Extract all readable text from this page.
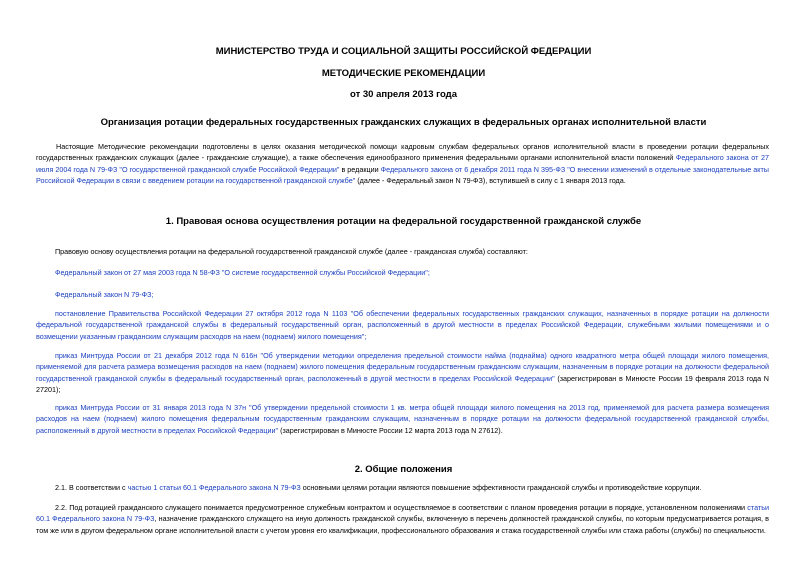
МИНИСТЕРСТВО ТРУДА И СОЦИАЛЬНОЙ ЗАЩИТЫ РОССИЙСКОЙ ФЕДЕРАЦИИ
МЕТОДИЧЕСКИЕ РЕКОМЕНДАЦИИ
от 30 апреля 2013 года
Организация ротации федеральных государственных гражданских служащих в федеральных органах исполнительной власти
Настоящие Методические рекомендации подготовлены в целях оказания методической помощи кадровым службам федеральных органов исполнительной власти в проведении ротации федеральных государственных гражданских служащих (далее - гражданские служащие), а также обеспечения единообразного применения федеральными органами исполнительной власти положений Федерального закона от 27 июля 2004 года N 79-ФЗ "О государственной гражданской службе Российской Федерации" в редакции Федерального закона от 6 декабря 2011 года N 395-ФЗ "О внесении изменений в отдельные законодательные акты Российской Федерации в связи с введением ротации на государственной гражданской службе" (далее - Федеральный закон N 79-ФЗ), вступившей в силу с 1 января 2013 года.
1. Правовая основа осуществления ротации на федеральной государственной гражданской службе
Правовую основу осуществления ротации на федеральной государственной гражданской службе (далее - гражданская служба) составляют:
Федеральный закон от 27 мая 2003 года N 58-ФЗ "О системе государственной службы Российской Федерации";
Федеральный закон N 79-ФЗ;
постановление Правительства Российской Федерации 27 октября 2012 года N 1103 "Об обеспечении федеральных государственных гражданских служащих, назначенных в порядке ротации на должности федеральной государственной гражданской службы в федеральный государственный орган, расположенный в другой местности в пределах Российской Федерации, служебными жилыми помещениями и о возмещении указанным гражданским служащим расходов на наем (поднаем) жилого помещения";
приказ Минтруда России от 21 декабря 2012 года N 616н "Об утверждении методики определения предельной стоимости найма (поднайма) одного квадратного метра общей площади жилого помещения, применяемой для расчета размера возмещения расходов на наем (поднаем) жилого помещения федеральным государственным гражданским служащим, назначенным в порядке ротации на должности федеральной государственной гражданской службы в федеральный государственный орган, расположенный в другой местности в пределах Российской Федерации" (зарегистрирован в Минюсте России 19 февраля 2013 года N 27201);
приказ Минтруда России от 31 января 2013 года N 37н "Об утверждении предельной стоимости 1 кв. метра общей площади жилого помещения на 2013 год, применяемой для расчета размера возмещения расходов на наем (поднаем) жилого помещения федеральным государственным гражданским служащим, назначенным в порядке ротации на должности федеральной государственной гражданской службы, расположенный в другой местности в пределах Российской Федерации" (зарегистрирован в Минюсте России 12 марта 2013 года N 27612).
2. Общие положения
2.1. В соответствии с частью 1 статьи 60.1 Федерального закона N 79-ФЗ основными целями ротации являются повышение эффективности гражданской службы и противодействие коррупции.
2.2. Под ротацией гражданского служащего понимается предусмотренное служебным контрактом и осуществляемое в соответствии с планом проведения ротации в порядке, установленном положениями статьи 60.1 Федерального закона N 79-ФЗ, назначение гражданского служащего на иную должность гражданской службы, включенную в перечень должностей гражданской службы, по которым предусматривается ротация, в том же или в другом федеральном органе исполнительной власти с учетом уровня его квалификации, профессионального образования и стажа государственной службы или стажа работы (службы) по специальности.
